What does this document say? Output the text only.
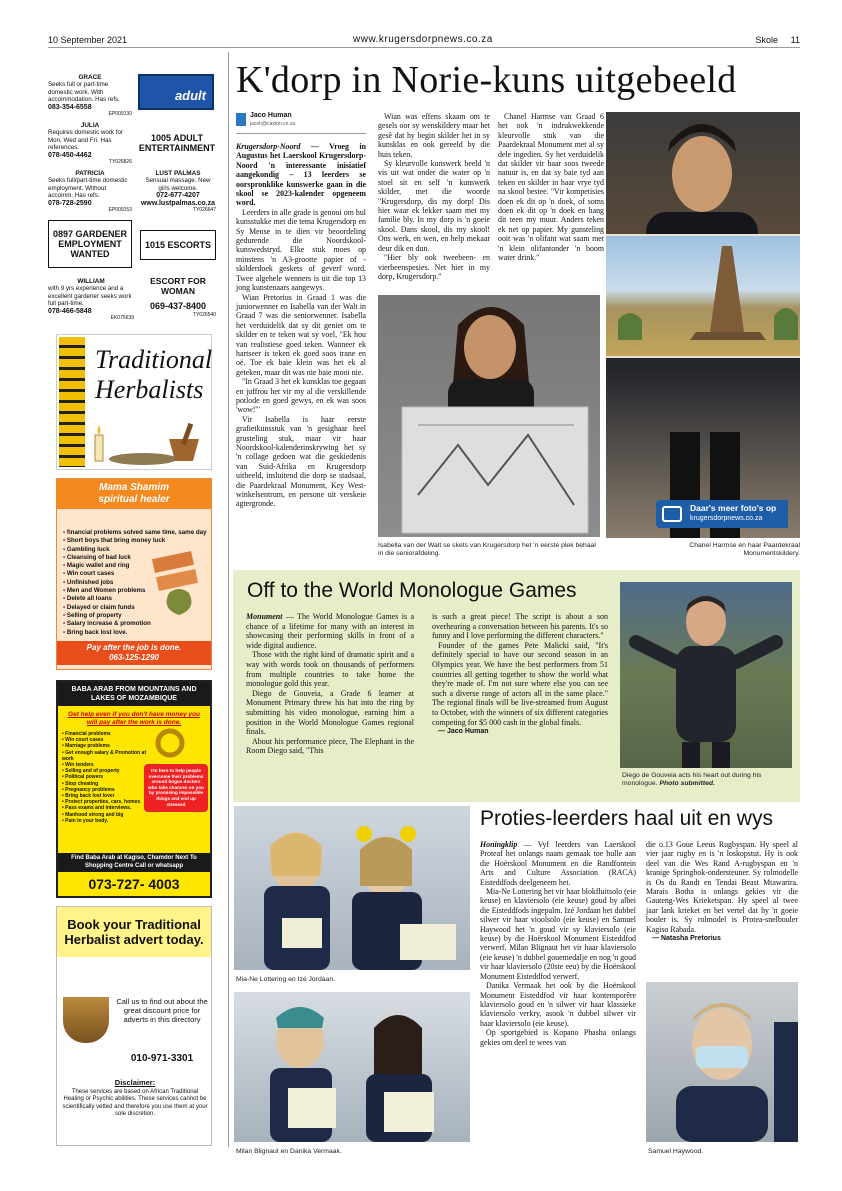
10 September 2021	www.krugersdorpnews.co.za	Skole 11
GRACE
Seeks full or part-time domestic work. With accommodation. Has refs.
083-354-6558
EP009130
adult
JULIA
Requires domestic work for Mon, Wed and Fri. Has references.
078-450-4462
TY026826
1005 ADULT ENTERTAINMENT
PATRICIA
Seeks full/part-time domestic employment. Without accomm. Has refs.
078-728-2590
EP009153
LUST PALMAS
Sensual massage. New girls welcome.
072-677-4207
www.lustpalmas.co.za
TY026647
0897 GARDENER EMPLOYMENT WANTED
1015 ESCORTS
WILLIAM
with 9 yrs experience and a excellent gardener seeks work full part-time.
078-466-5848
EK075639
ESCORT FOR WOMAN

069-437-8400
TY026540
Traditional
Herbalists
Mama Shamim
spiritual healer
• financial problems solved same time, same day
• Short boys that bring money luck
• Gambling luck
• Cleansing of bad luck
• Magic wallet and ring
• Win court cases
• Unfinished jobs
• Men and Women problems
• Delete all loans
• Delayed or claim funds
• Selling of property
• Salary increase & promotion
• Bring back lost love.
Pay after the job is done.
063-125-1290
BABA ARAB FROM MOUNTAINS AND LAKES OF MOZAMBIQUE
Get help even if you don't have money you will pay after the work is done.
• Financial problems
• Win court cases
• Marriage problems
• Get enough salary & Promotion at work
• Win tenders
• Selling and of property
• Political powers
• Stop cheating
• Pregnancy problems
• Bring back lost lover
• Protect properties, cars, homes
• Pass exams and interviews.
• Manhood strong and big
• Pain in your body.
I'm here to help people overcome their problems around bogus doctors who take chances on you by promising impossible things and end up stressed
Find Baba Arab at Kagiso, Chamdor Next To Shopping Centre Call or whatsapp
073-727- 4003
Book your Traditional Herbalist advert today.
Call us to find out about the great discount price for adverts in this directory
010-971-3301
Disclaimer:
These services are based on African Traditional Healing or Psychic abilities. These services cannot be scientifically vetted and therefore you use them at your sole discretion.
K'dorp in Norie-kuns uitgebeeld
Jaco Human
jacoh@caxton.co.za

Krugersdorp-Noord — Vroeg in Augustus het Laerskool Krugersdorp-Noord 'n interessante inisiatief aangekondig – 13 leerders se oorspronklike kunswerke gaan in die skool se 2023-kalender opgeneem word.

Leerders in alle grade is genooi om hul kunsstukke met die tema Krugersdorp en Sy Mense in te dien vir beoordeling gedurende die Noordskool-kunswedstryd. Elke stuk moes op minstens 'n A3-grootte papier of -skilderdoek geskets of geverf word. Twee algehele wenners is uit die top 13 jong kunstenaars aangewys.

Wian Pretorius in Graad 1 was die juniorwenner en Isabella van der Walt in Graad 7 was die seniorwenner. Isabella het verduidelik dat sy dit geniet om te skilder en te teken wat sy voel, "Ek hou van realistiese goed teken. Wanneer ek hartseer is teken ek goed soos trane en oë. Toe ek baie klein was het ek al geteken, maar dit was nie baie mooi nie.

"In Graad 3 het ek kunsklas toe gegaan en juffrou het vir my al die verskillende potlode en goed gewys, en ek was soos 'wow!'"

Vir Isabella is haar eerste grafietkunsstuk van 'n gesighaar heel grusteling stuk, maar vir haar Noordskool-kalenderinskrywing het sy 'n collage gedoen wat die geskiedenis van Suid-Afrika en Krugersdorp uitbeeld, insluitend die dorp se stadsaal, die Paardekraal Monument, Key West-winkelsentrum, en persone uit verskeie agtergronde.

Wian was effens skaam om te gesels oor sy wenskildery maar het gesê dat hy begin skilder het in sy kunsklas en ook gereeld by die huis teken.

Sy kleurvolle kunswerk beeld 'n vis uit wat onder die water op 'n stoel sit en self 'n kunswerk skilder, met die woorde "Krugersdorp, dis my dorp! Dis hier waar ek lekker saam met my familie bly. In my dorp is 'n goeie skool. Dans skool, dis my skool! Ons werk, en wen, en help mekaar deur dik en dun.

"Hier bly ook tweebeen- en vierbeenspesies. Net hier in my dorp, Krugersdorp."

Chanel Harmse van Graad 6 het ook 'n indrukwekkende kleurvolle stuk van die Paardekraal Monument met al sy dele ingedien. Sy het verduidelik dat skilder vir haar soos tweede natuur is, en dat sy baie tyd aan teken en skilder in haar vrye tyd na skool bestee. "Vir kompetisies doen ek dit op 'n doek, of soms doen ek dit op 'n doek en hang dit teen my muur. Anders teken ek net op papier. My gunsteling ooit was 'n olifant wat saam met 'n klein olifantonder 'n boom water drink."

Isabella van der Walt se skets van Krugersdorp het 'n eerste plek behaal in die seniorafdeling.
Chanel Harmse en haar Paardekraal Monumentskildery.
Daar's meer foto's op
krugersdorpnews.co.za
Off to the World Monologue Games

Monument — The World Monologue Games is a chance of a lifetime for many with an interest in showcasing their performing skills in front of a wide digital audience.

Those with the right kind of dramatic spirit and a way with words took on thousands of performers from multiple countries to take home the monologue gold this year.

Diego de Gouveia, a Grade 6 learner at Monument Primary threw his hat into the ring by submitting his video monologue, earning him a position in the World Monologue Games regional finals.

About his performance piece, The Elephant in the Room Diego said, "This

is such a great piece! The script is about a son overhearing a conversation between his parents. It's so funny and I love performing the different characters."

Founder of the games Pete Malicki said, "It's definitely special to have our second season in an Olympics year. We have the best performers from 51 countries all getting together to show the world what they're made of. I'm not sure where else you can see such a diverse range of actors all in the same place." The regional finals will be live-streamed from August to October, with the winners of six different categories competing for $5 000 cash in the global finals.

— Jaco Human

Diego de Gouveia acts his heart out during his monologue. Photo submitted.
Mia-Ne Lottering en Izé Jordaan.
Milan Blignaut en Danika Vermaak.
Proties-leerders haal uit en wys

Honingklip — Vyf leerders van Laerskool Proteaf het onlangs naam gemaak toe hulle aan die Hoërskool Monument en die Randfontein Arts and Culture Association (RACA) Eisteddfods deelgeneem het.

Mia-Ne Lottering het vir haar blokfluitsolo (eie keuse) en klaviersolo (eie keuse) goud by albei die Eisteddfods ingepalm. Izé Jordaan het dubbel silwer vir haar vioolsolo (eie keuse) en Samuel Haywood het 'n goud vir sy klaviersolo (eie keuse) by die Hoërskool Monument Eisteddfod verwerf. Milan Blignaut het vir haar klaviersolo (eie keuse) 'n dubbel gouemedalje en nog 'n goud vir haar klaviersolo (20ste eeu) by die Hoërskool Monument Eisteddfod verwerf.

Danika Vermaak het ook by die Hoërskool Monument Eisteddfod vir haar kontemporêre klaviersolo goud en 'n silwer vir haar klassieke klaviersolo verkry, asook 'n dubbel silwer vir haar klaviersolo (eie keuse).

Op sportgebied is Kopano Phasha onlangs gekies om deel te wees van

die o.13 Goue Leeus Rugbyspan. Hy speel al vier jaar rugby en is 'n loskopstut. Hy is ook deel van die Wes Rand A-rugbyspan en 'n kranige Springbok-ondersteuner. Sy rolmodelle is Os du Randt en Tendai Beast Mtawarira. Marais Botha is onlangs gekies vir die Gauteng-Wes Krieketspan. Hy speel al twee jaar lank krieket en het vertel dat hy 'n goeie bouler is. Sy rolmodel is Protea-snelbouler Kagiso Rabada.

— Natasha Pretorius

Samuel Haywood.
